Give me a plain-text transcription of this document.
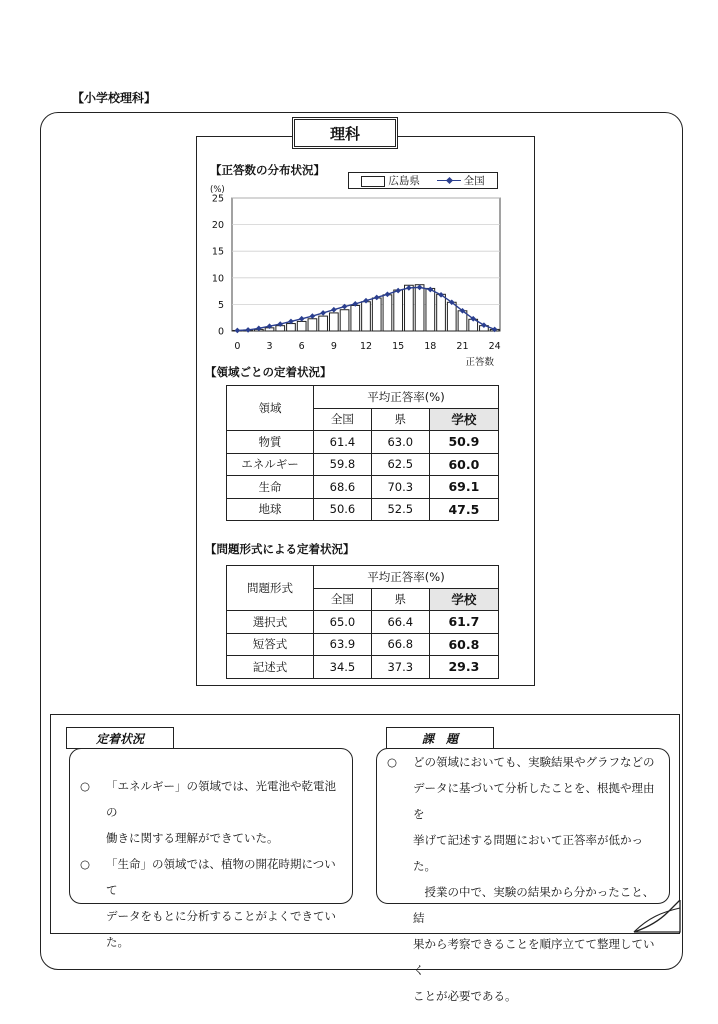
【小学校理科】
理科
【正答数の分布状況】
広島県	全国
0
5
10
15
20
25
(%)
0	3	6	9 12 15 18 21 24
正答数
【領域ごとの定着状況】
領域	平均正答率(%)		
	全国	県	学校
物質	61.4	63.0	50.9
エネルギー	59.8	62.5	60.0
生命	68.6	70.3	69.1
地球	50.6	52.5	47.5
【問題形式による定着状況】
問題形式	平均正答率(%)		
	全国	県	学校
選択式	65.0	66.4	61.7
短答式	63.9	66.8	60.8
記述式	34.5	37.3	29.3
○	「エネルギー」の領域では、光電池や乾電池の
働きに関する理解ができていた。
○	「生命」の領域では、植物の開花時期について
データをもとに分析することがよくできてい
た。
定着状況
○	どの領域においても、実験結果やグラフなどの
データに基づいて分析したことを、根拠や理由を
挙げて記述する問題において正答率が低かった。
　授業の中で、実験の結果から分かったこと、結
果から考察できることを順序立てて整理していく
ことが必要である。
課　題
